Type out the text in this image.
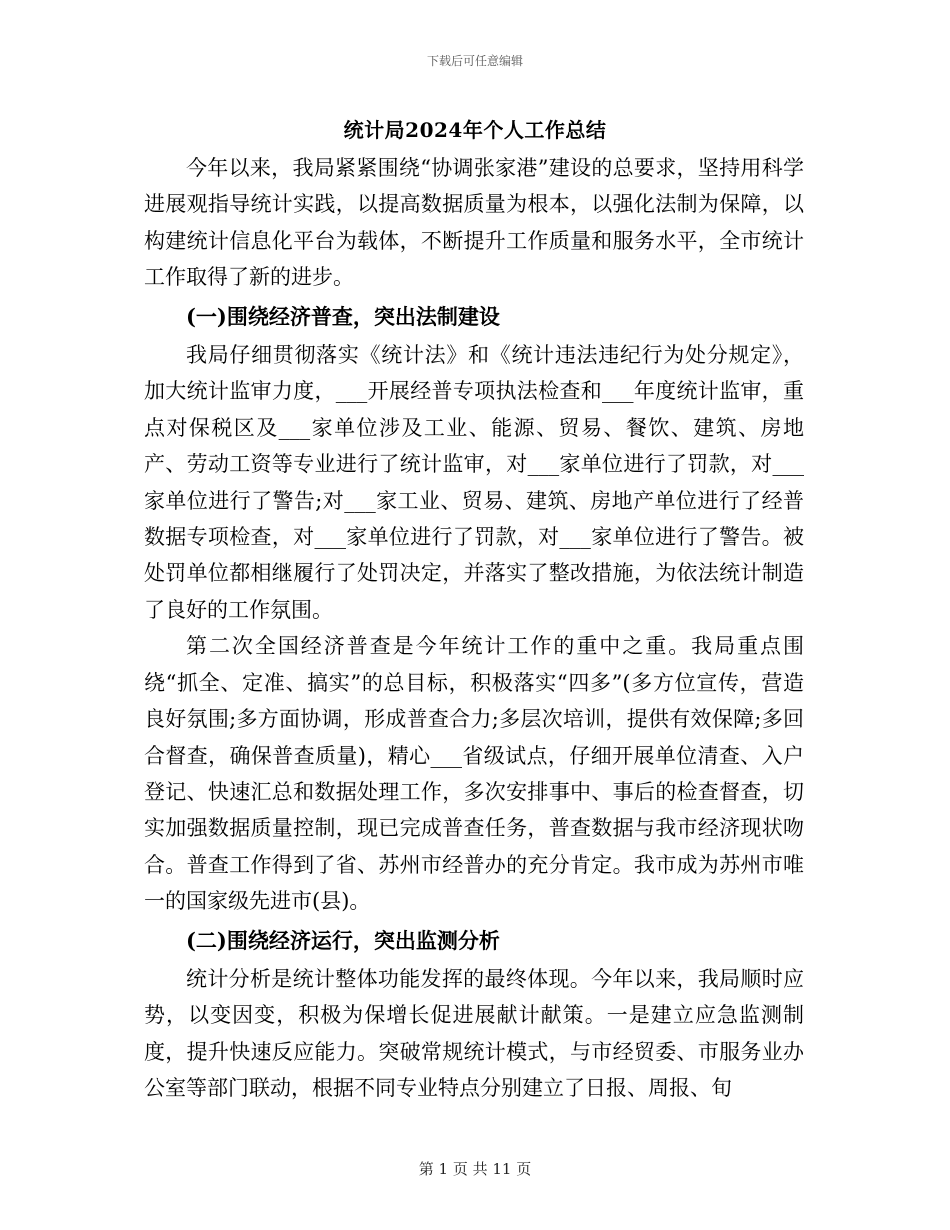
下载后可任意编辑
统计局2024年个人工作总结

今年以来，我局紧紧围绕“协调张家港”建设的总要求，坚持用科学进展观指导统计实践，以提高数据质量为根本，以强化法制为保障，以构建统计信息化平台为载体，不断提升工作质量和服务水平，全市统计工作取得了新的进步。

(一)围绕经济普查，突出法制建设

我局仔细贯彻落实《统计法》和《统计违法违纪行为处分规定》，加大统计监审力度，___开展经普专项执法检查和___年度统计监审，重点对保税区及___家单位涉及工业、能源、贸易、餐饮、建筑、房地产、劳动工资等专业进行了统计监审，对___家单位进行了罚款，对___家单位进行了警告;对___家工业、贸易、建筑、房地产单位进行了经普数据专项检查，对___家单位进行了罚款，对___家单位进行了警告。被处罚单位都相继履行了处罚决定，并落实了整改措施，为依法统计制造了良好的工作氛围。

第二次全国经济普查是今年统计工作的重中之重。我局重点围绕“抓全、定准、搞实”的总目标，积极落实“四多”(多方位宣传，营造良好氛围;多方面协调，形成普查合力;多层次培训，提供有效保障;多回合督查，确保普查质量)，精心___省级试点，仔细开展单位清查、入户登记、快速汇总和数据处理工作，多次安排事中、事后的检查督查，切实加强数据质量控制，现已完成普查任务，普查数据与我市经济现状吻合。普查工作得到了省、苏州市经普办的充分肯定。我市成为苏州市唯一的国家级先进市(县)。

(二)围绕经济运行，突出监测分析

统计分析是统计整体功能发挥的最终体现。今年以来，我局顺时应势，以变因变，积极为保增长促进展献计献策。一是建立应急监测制度，提升快速反应能力。突破常规统计模式，与市经贸委、市服务业办公室等部门联动，根据不同专业特点分别建立了日报、周报、旬

第 1 页 共 11 页
